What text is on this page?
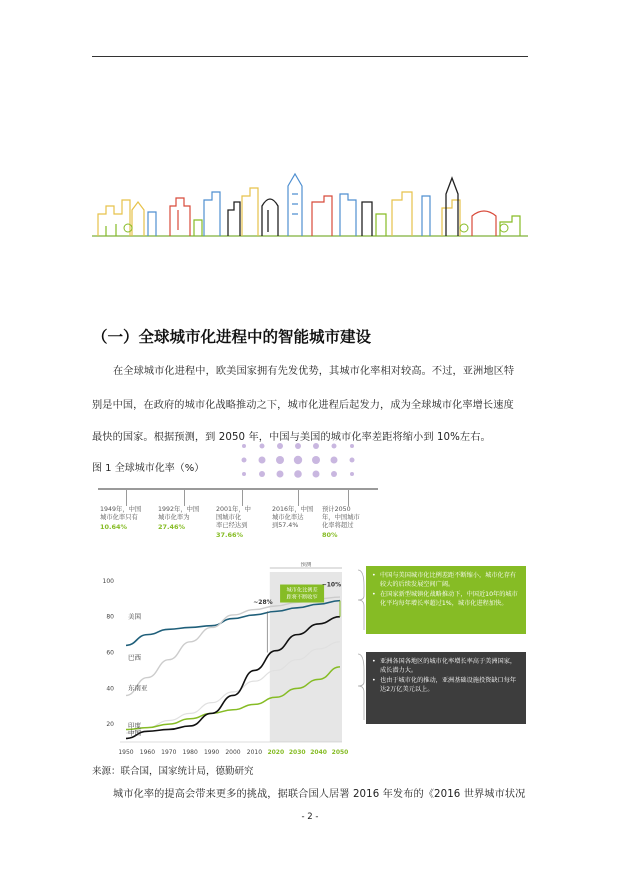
（一）全球城市化进程中的智能城市建设
在全球城市化进程中，欧美国家拥有先发优势，其城市化率相对较高。不过，亚洲地区特
别是中国，在政府的城市化战略推动之下，城市化进程后起发力，成为全球城市化率增长速度
最快的国家。根据预测，到 2050 年，中国与美国的城市化率差距将缩小到 10%左右。
图 1 全球城市化率（%）
1949年，中国
城市化率只有
10.64%
1992年，中国
城市化率为
27.46%
2001年，中
国城市化
率已经达到
37.66%
2016年，中国
城市化率达
到57.4%
预计2050
年，中国城市
化率将超过
80%
预测
20
40
60
80
100
1950 1960 1970 1980 1990 2000 2010 2020 2030 2040 2050
美国
巴西
东南亚
印度
中国
城市化比例差
距将不断收窄
~28%
~10%
• 中国与美国城市化比例差距不断缩小，城市化存有较大的后续发展空间广阔。
• 在国家新型城镇化战略推动下，中国近10年的城市化平均每年增长率超过1%，城市化进程加快。
• 亚洲各国各地区的城市化率增长率高于美洲国家，成长潜力大。
• 也由于城市化的推动，亚洲基础设施投资缺口每年达2万亿美元以上。
来源：联合国，国家统计局，德勤研究
城市化率的提高会带来更多的挑战，据联合国人居署 2016 年发布的《2016 世界城市状况
- 2 -
